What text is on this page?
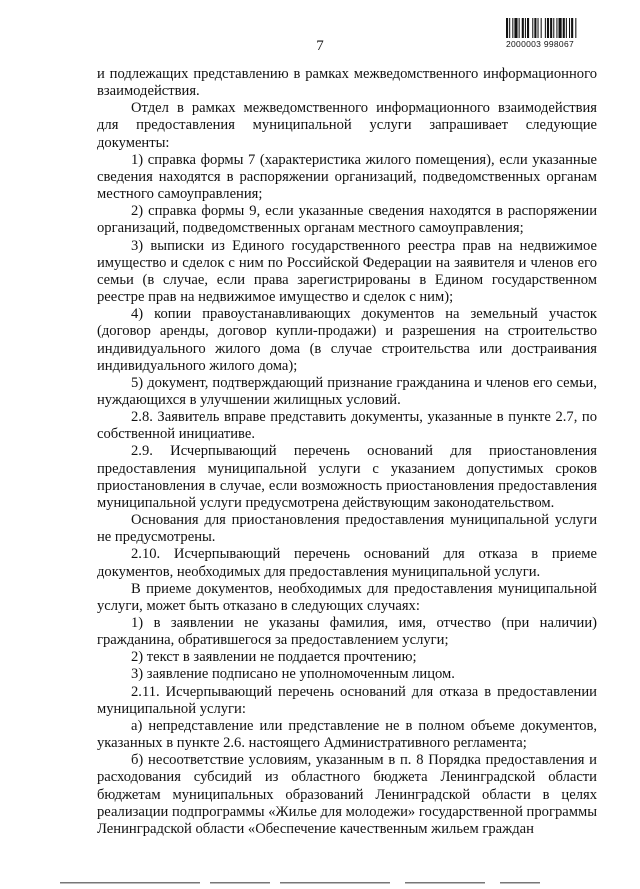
7	2000003 998067

и подлежащих представлению в рамках межведомственного информационного взаимодействия.

Отдел в рамках межведомственного информационного взаимодействия для предоставления муниципальной услуги запрашивает следующие документы:

1) справка формы 7 (характеристика жилого помещения), если указанные сведения находятся в распоряжении организаций, подведомственных органам местного самоуправления;

2) справка формы 9, если указанные сведения находятся в распоряжении организаций, подведомственных органам местного самоуправления;

3) выписки из Единого государственного реестра прав на недвижимое имущество и сделок с ним по Российской Федерации на заявителя и членов его семьи (в случае, если права зарегистрированы в Едином государственном реестре прав на недвижимое имущество и сделок с ним);

4) копии правоустанавливающих документов на земельный участок (договор аренды, договор купли-продажи) и разрешения на строительство индивидуального жилого дома (в случае строительства или достраивания индивидуального жилого дома);

5) документ, подтверждающий признание гражданина и членов его семьи, нуждающихся в улучшении жилищных условий.

2.8. Заявитель вправе представить документы, указанные в пункте 2.7, по собственной инициативе.

2.9. Исчерпывающий перечень оснований для приостановления предоставления муниципальной услуги с указанием допустимых сроков приостановления в случае, если возможность приостановления предоставления муниципальной услуги предусмотрена действующим законодательством.

Основания для приостановления предоставления муниципальной услуги не предусмотрены.

2.10. Исчерпывающий перечень оснований для отказа в приеме документов, необходимых для предоставления муниципальной услуги.

В приеме документов, необходимых для предоставления муниципальной услуги, может быть отказано в следующих случаях:

1) в заявлении не указаны фамилия, имя, отчество (при наличии) гражданина, обратившегося за предоставлением услуги;

2) текст в заявлении не поддается прочтению;

3) заявление подписано не уполномоченным лицом.

2.11. Исчерпывающий перечень оснований для отказа в предоставлении муниципальной услуги:

а) непредставление или представление не в полном объеме документов, указанных в пункте 2.6. настоящего Административного регламента;

б) несоответствие условиям, указанным в п. 8 Порядка предоставления и расходования субсидий из областного бюджета Ленинградской области бюджетам муниципальных образований Ленинградской области в целях реализации подпрограммы «Жилье для молодежи» государственной программы Ленинградской области «Обеспечение качественным жильем граждан
